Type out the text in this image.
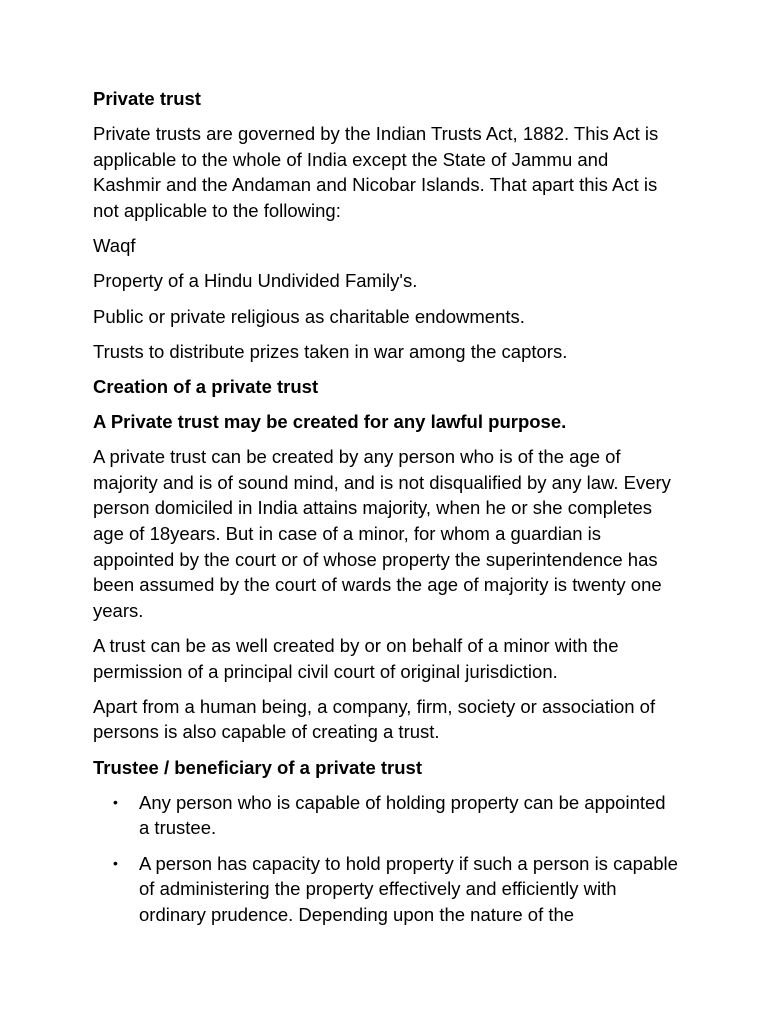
Private trust

Private trusts are governed by the Indian Trusts Act, 1882. This Act is applicable to the whole of India except the State of Jammu and Kashmir and the Andaman and Nicobar Islands. That apart this Act is not applicable to the following:

Waqf

Property of a Hindu Undivided Family's.

Public or private religious as charitable endowments.

Trusts to distribute prizes taken in war among the captors.

Creation of a private trust

A Private trust may be created for any lawful purpose.

A private trust can be created by any person who is of the age of majority and is of sound mind, and is not disqualified by any law. Every person domiciled in India attains majority, when he or she completes age of 18years. But in case of a minor, for whom a guardian is appointed by the court or of whose property the superintendence has been assumed by the court of wards the age of majority is twenty one years.

A trust can be as well created by or on behalf of a minor with the permission of a principal civil court of original jurisdiction.

Apart from a human being, a company, firm, society or association of persons is also capable of creating a trust.

Trustee / beneficiary of a private trust

• Any person who is capable of holding property can be appointed a trustee.
• A person has capacity to hold property if such a person is capable of administering the property effectively and efficiently with ordinary prudence. Depending upon the nature of the
